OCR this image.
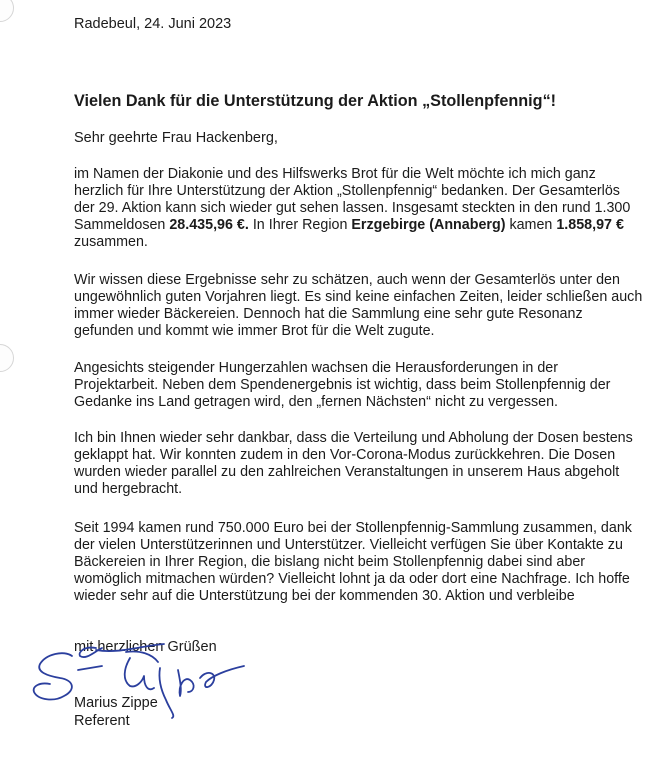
Radebeul, 24. Juni 2023
Vielen Dank für die Unterstützung der Aktion „Stollenpfennig“!
Sehr geehrte Frau Hackenberg,
im Namen der Diakonie und des Hilfswerks Brot für die Welt möchte ich mich ganz herzlich für Ihre Unterstützung der Aktion „Stollenpfennig“ bedanken. Der Gesamterlös der 29. Aktion kann sich wieder gut sehen lassen. Insgesamt steckten in den rund 1.300 Sammeldosen 28.435,96 €. In Ihrer Region Erzgebirge (Annaberg) kamen 1.858,97 € zusammen.
Wir wissen diese Ergebnisse sehr zu schätzen, auch wenn der Gesamterlös unter den ungewöhnlich guten Vorjahren liegt. Es sind keine einfachen Zeiten, leider schließen auch immer wieder Bäckereien. Dennoch hat die Sammlung eine sehr gute Resonanz gefunden und kommt wie immer Brot für die Welt zugute.
Angesichts steigender Hungerzahlen wachsen die Herausforderungen in der Projektarbeit. Neben dem Spendenergebnis ist wichtig, dass beim Stollenpfennig der Gedanke ins Land getragen wird, den „fernen Nächsten“ nicht zu vergessen.
Ich bin Ihnen wieder sehr dankbar, dass die Verteilung und Abholung der Dosen bestens geklappt hat. Wir konnten zudem in den Vor-Corona-Modus zurückkehren. Die Dosen wurden wieder parallel zu den zahlreichen Veranstaltungen in unserem Haus abgeholt und hergebracht.
Seit 1994 kamen rund 750.000 Euro bei der Stollenpfennig-Sammlung zusammen, dank der vielen Unterstützerinnen und Unterstützer. Vielleicht verfügen Sie über Kontakte zu Bäckereien in Ihrer Region, die bislang nicht beim Stollenpfennig dabei sind aber womöglich mitmachen würden? Vielleicht lohnt ja da oder dort eine Nachfrage. Ich hoffe wieder sehr auf die Unterstützung bei der kommenden 30. Aktion und verbleibe
mit herzlichen Grüßen
Marius Zippe
Referent
